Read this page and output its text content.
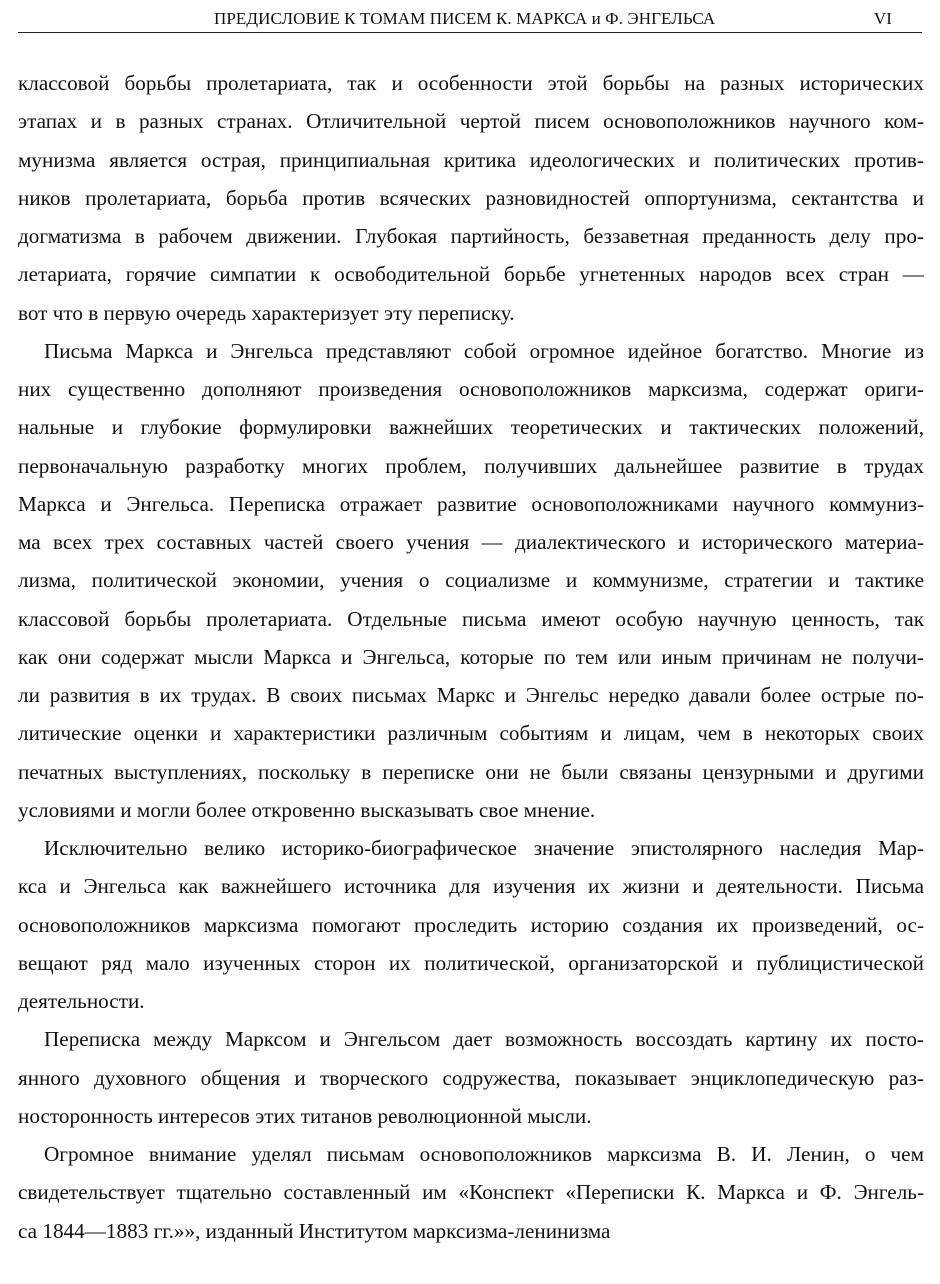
ПРЕДИСЛОВИЕ К ТОМАМ ПИСЕМ К. МАРКСА и Ф. ЭНГЕЛЬСА	VI
классовой борьбы пролетариата, так и особенности этой борьбы на разных исторических
этапах и в разных странах. Отличительной чертой писем основоположников научного ком-
мунизма является острая, принципиальная критика идеологических и политических против-
ников пролетариата, борьба против всяческих разновидностей оппортунизма, сектантства и
догматизма в рабочем движении. Глубокая партийность, беззаветная преданность делу про-
летариата, горячие симпатии к освободительной борьбе угнетенных народов всех стран —
вот что в первую очередь характеризует эту переписку.
Письма Маркса и Энгельса представляют собой огромное идейное богатство. Многие из
них существенно дополняют произведения основоположников марксизма, содержат ориги-
нальные и глубокие формулировки важнейших теоретических и тактических положений,
первоначальную разработку многих проблем, получивших дальнейшее развитие в трудах
Маркса и Энгельса. Переписка отражает развитие основоположниками научного коммуниз-
ма всех трех составных частей своего учения — диалектического и исторического материа-
лизма, политической экономии, учения о социализме и коммунизме, стратегии и тактике
классовой борьбы пролетариата. Отдельные письма имеют особую научную ценность, так
как они содержат мысли Маркса и Энгельса, которые по тем или иным причинам не получи-
ли развития в их трудах. В своих письмах Маркс и Энгельс нередко давали более острые по-
литические оценки и характеристики различным событиям и лицам, чем в некоторых своих
печатных выступлениях, поскольку в переписке они не были связаны цензурными и другими
условиями и могли более откровенно высказывать свое мнение.
Исключительно велико историко-биографическое значение эпистолярного наследия Мар-
кса и Энгельса как важнейшего источника для изучения их жизни и деятельности. Письма
основоположников марксизма помогают проследить историю создания их произведений, ос-
вещают ряд мало изученных сторон их политической, организаторской и публицистической
деятельности.
Переписка между Марксом и Энгельсом дает возможность воссоздать картину их посто-
янного духовного общения и творческого содружества, показывает энциклопедическую раз-
носторонность интересов этих титанов революционной мысли.
Огромное внимание уделял письмам основоположников марксизма В. И. Ленин, о чем
свидетельствует тщательно составленный им «Конспект «Переписки К. Маркса и Ф. Энгель-
са 1844—1883 гг.»», изданный Институтом марксизма-ленинизма
